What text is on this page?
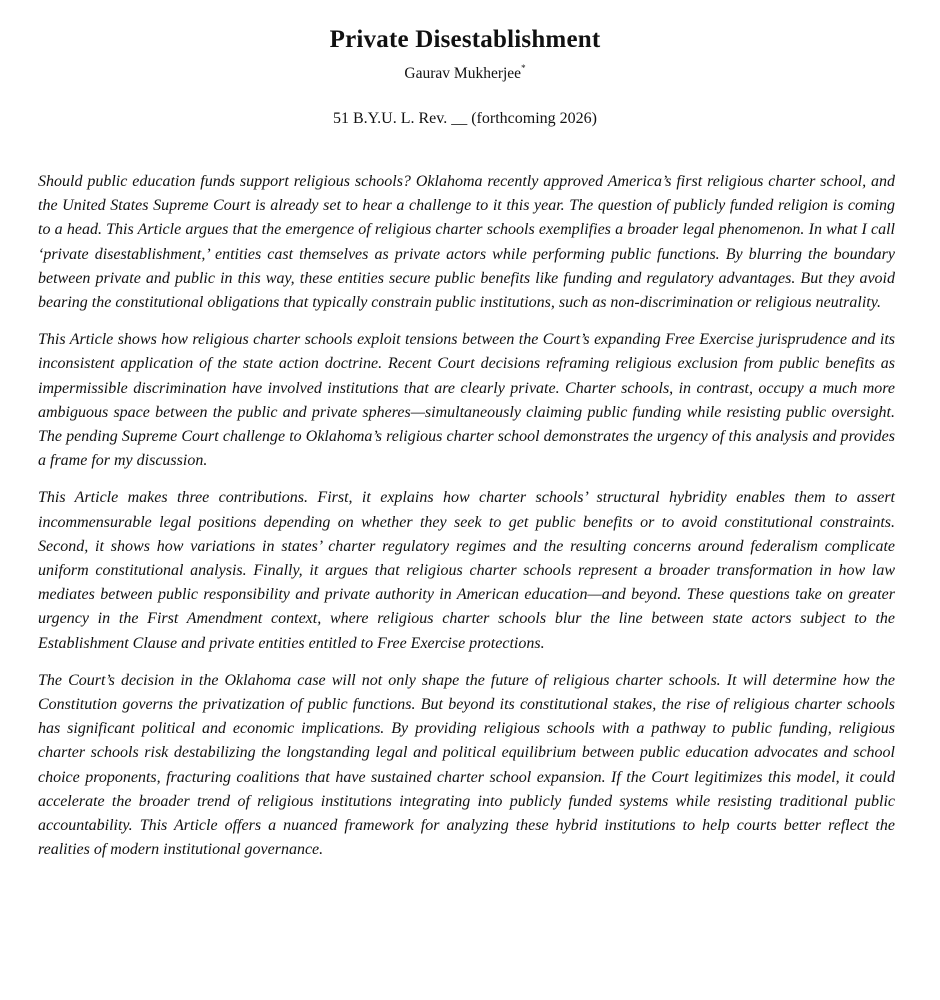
Private Disestablishment
Gaurav Mukherjee*
51 B.Y.U. L. Rev. __ (forthcoming 2026)

Should public education funds support religious schools? Oklahoma recently approved America’s first religious charter school, and the United States Supreme Court is already set to hear a challenge to it this year. The question of publicly funded religion is coming to a head. This Article argues that the emergence of religious charter schools exemplifies a broader legal phenomenon. In what I call ‘private disestablishment,’ entities cast themselves as private actors while performing public functions. By blurring the boundary between private and public in this way, these entities secure public benefits like funding and regulatory advantages. But they avoid bearing the constitutional obligations that typically constrain public institutions, such as non-discrimination or religious neutrality.

This Article shows how religious charter schools exploit tensions between the Court’s expanding Free Exercise jurisprudence and its inconsistent application of the state action doctrine. Recent Court decisions reframing religious exclusion from public benefits as impermissible discrimination have involved institutions that are clearly private. Charter schools, in contrast, occupy a much more ambiguous space between the public and private spheres—simultaneously claiming public funding while resisting public oversight. The pending Supreme Court challenge to Oklahoma’s religious charter school demonstrates the urgency of this analysis and provides a frame for my discussion.

This Article makes three contributions. First, it explains how charter schools’ structural hybridity enables them to assert incommensurable legal positions depending on whether they seek to get public benefits or to avoid constitutional constraints. Second, it shows how variations in states’ charter regulatory regimes and the resulting concerns around federalism complicate uniform constitutional analysis. Finally, it argues that religious charter schools represent a broader transformation in how law mediates between public responsibility and private authority in American education—and beyond. These questions take on greater urgency in the First Amendment context, where religious charter schools blur the line between state actors subject to the Establishment Clause and private entities entitled to Free Exercise protections.

The Court’s decision in the Oklahoma case will not only shape the future of religious charter schools. It will determine how the Constitution governs the privatization of public functions. But beyond its constitutional stakes, the rise of religious charter schools has significant political and economic implications. By providing religious schools with a pathway to public funding, religious charter schools risk destabilizing the longstanding legal and political equilibrium between public education advocates and school choice proponents, fracturing coalitions that have sustained charter school expansion. If the Court legitimizes this model, it could accelerate the broader trend of religious institutions integrating into publicly funded systems while resisting traditional public accountability. This Article offers a nuanced framework for analyzing these hybrid institutions to help courts better reflect the realities of modern institutional governance.
